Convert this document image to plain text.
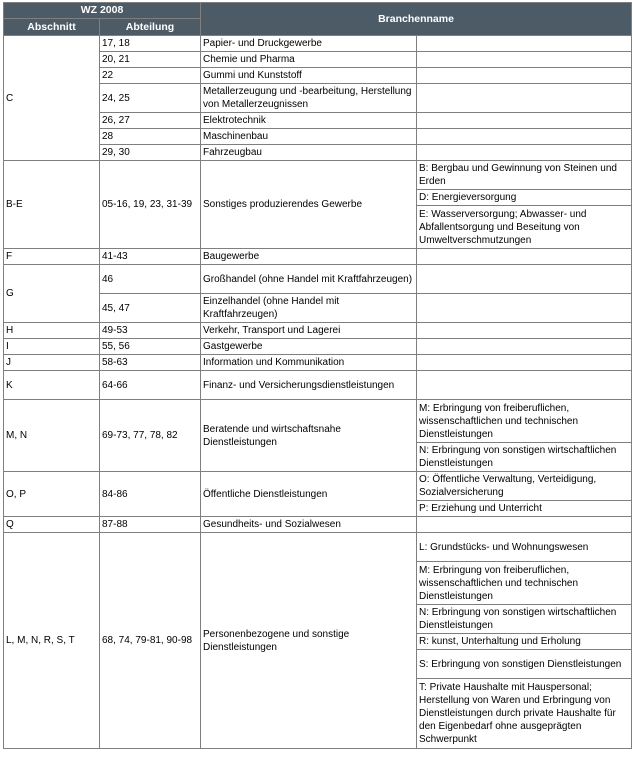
WZ 2008		Branchenname	
Abschnitt	Abteilung		
C	17, 18	Papier- und Druckgewerbe	
	20, 21	Chemie und Pharma	
	22	Gummi und Kunststoff	
	24, 25	Metallerzeugung und -bearbeitung, Herstellung von Metallerzeugnissen	
	26, 27	Elektrotechnik	
	28	Maschinenbau	
	29, 30	Fahrzeugbau	
B-E	05-16, 19, 23, 31-39	Sonstiges produzierendes Gewerbe	B: Bergbau und Gewinnung von Steinen und Erden
			D: Energieversorgung
			E: Wasserversorgung; Abwasser- und Abfallentsorgung und Beseitung von Umweltverschmutzungen
F	41-43	Baugewerbe	
G	46	Großhandel (ohne Handel mit Kraftfahrzeugen)	
	45, 47	Einzelhandel (ohne Handel mit Kraftfahrzeugen)	
H	49-53	Verkehr, Transport und Lagerei	
I	55, 56	Gastgewerbe	
J	58-63	Information und Kommunikation	
K	64-66	Finanz- und Versicherungsdienstleistungen	
M, N	69-73, 77, 78, 82	Beratende und wirtschaftsnahe Dienstleistungen	M: Erbringung von freiberuflichen, wissenschaftlichen und technischen Dienstleistungen
			N: Erbringung von sonstigen wirtschaftlichen Dienstleistungen
O, P	84-86	Öffentliche Dienstleistungen	O: Öffentliche Verwaltung, Verteidigung, Sozialversicherung
			P: Erziehung und Unterricht
Q	87-88	Gesundheits- und Sozialwesen	
L, M, N, R, S, T	68, 74, 79-81, 90-98	Personenbezogene und sonstige Dienstleistungen	L: Grundstücks- und Wohnungswesen
			M: Erbringung von freiberuflichen, wissenschaftlichen und technischen Dienstleistungen
			N: Erbringung von sonstigen wirtschaftlichen Dienstleistungen
			R: kunst, Unterhaltung und Erholung
			S: Erbringung von sonstigen Dienstleistungen
			T: Private Haushalte mit Hauspersonal; Herstellung von Waren und Erbringung von Dienstleistungen durch private Haushalte für den Eigenbedarf ohne ausgeprägten Schwerpunkt
